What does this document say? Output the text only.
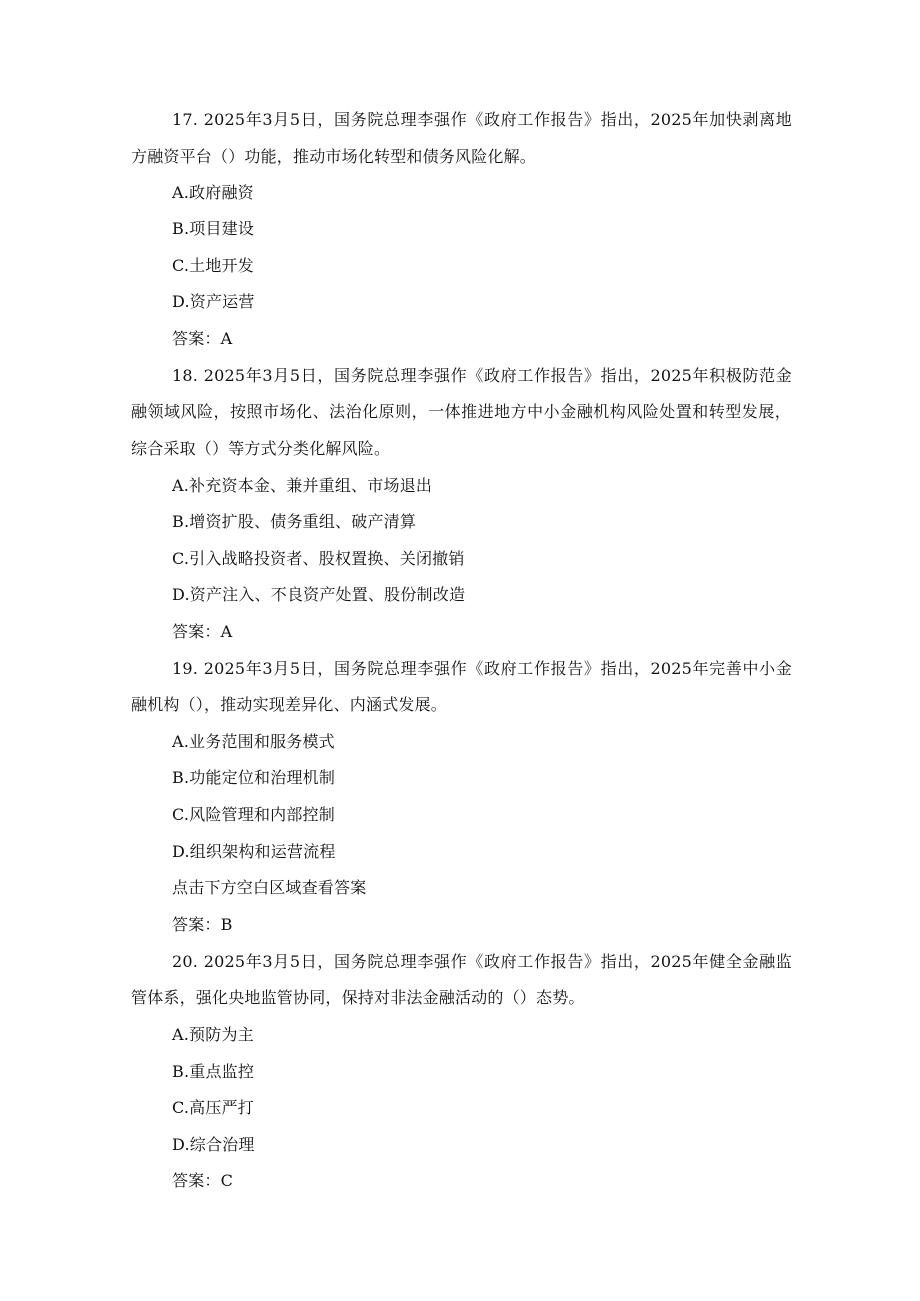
17. 2025年3月5日，国务院总理李强作《政府工作报告》指出，2025年加快剥离地
方融资平台（）功能，推动市场化转型和债务风险化解。
A.政府融资
B.项目建设
C.土地开发
D.资产运营
答案：A
18. 2025年3月5日，国务院总理李强作《政府工作报告》指出，2025年积极防范金
融领域风险，按照市场化、法治化原则，一体推进地方中小金融机构风险处置和转型发展，
综合采取（）等方式分类化解风险。
A.补充资本金、兼并重组、市场退出
B.增资扩股、债务重组、破产清算
C.引入战略投资者、股权置换、关闭撤销
D.资产注入、不良资产处置、股份制改造
答案：A
19. 2025年3月5日，国务院总理李强作《政府工作报告》指出，2025年完善中小金
融机构（），推动实现差异化、内涵式发展。
A.业务范围和服务模式
B.功能定位和治理机制
C.风险管理和内部控制
D.组织架构和运营流程
点击下方空白区域查看答案
答案：B
20. 2025年3月5日，国务院总理李强作《政府工作报告》指出，2025年健全金融监
管体系，强化央地监管协同，保持对非法金融活动的（）态势。
A.预防为主
B.重点监控
C.高压严打
D.综合治理
答案：C
